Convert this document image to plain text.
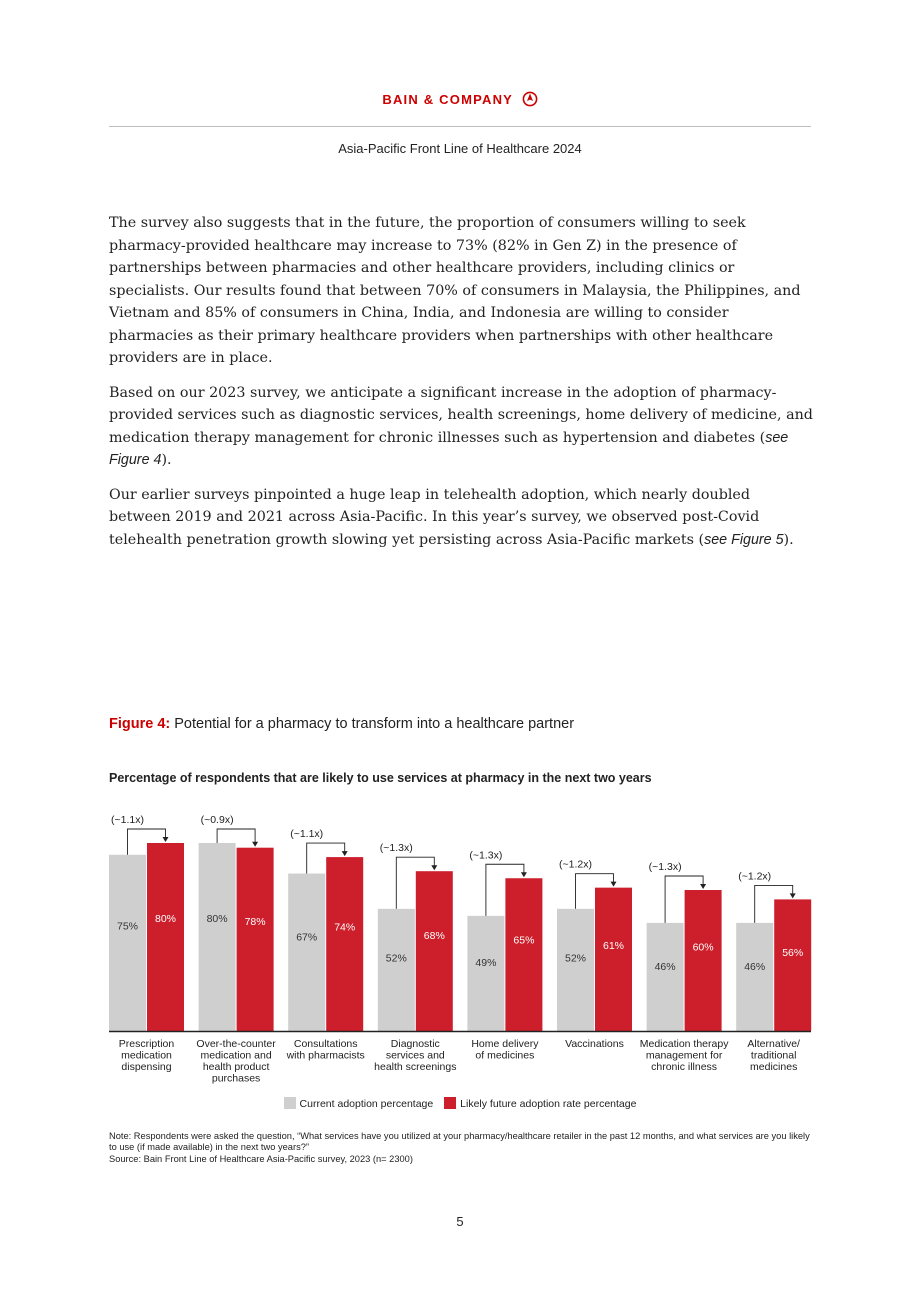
BAIN & COMPANY
Asia-Pacific Front Line of Healthcare 2024

The survey also suggests that in the future, the proportion of consumers willing to seek pharmacy-provided healthcare may increase to 73% (82% in Gen Z) in the presence of partnerships between pharmacies and other healthcare providers, including clinics or specialists. Our results found that between 70% of consumers in Malaysia, the Philippines, and Vietnam and 85% of consumers in China, India, and Indonesia are willing to consider pharmacies as their primary healthcare providers when partnerships with other healthcare providers are in place.

Based on our 2023 survey, we anticipate a significant increase in the adoption of pharmacy-provided services such as diagnostic services, health screenings, home delivery of medicine, and medication therapy management for chronic illnesses such as hypertension and diabetes (see Figure 4).

Our earlier surveys pinpointed a huge leap in telehealth adoption, which nearly doubled between 2019 and 2021 across Asia-Pacific. In this year’s survey, we observed post-Covid telehealth penetration growth slowing yet persisting across Asia-Pacific markets (see Figure 5).

Figure 4: Potential for a pharmacy to transform into a healthcare partner
Percentage of respondents that are likely to use services at pharmacy in the next two years
75%
80%
(~1.1x)
Prescription
medication
dispensing
80% 78%
(~0.9x)
Over-the-counter
medication and
health product
purchases
67%
74%
(~1.1x)
Consultations
with pharmacists
52%
68%
(~1.3x)
Diagnostic
services and
health screenings
49%
65%
(~1.3x)
Home delivery
of medicines
52%
61%
(~1.2x)
Vaccinations
46%
60%
(~1.3x)
Medication therapy
management for
chronic illness
46%
56%
(~1.2x)
Alternative/
traditional
medicines
Current adoption percentage	Likely future adoption rate percentage
Note: Respondents were asked the question, “What services have you utilized at your pharmacy/healthcare retailer in the past 12 months, and what services are you likely to use (if made available) in the next two years?”
Source: Bain Front Line of Healthcare Asia-Pacific survey, 2023 (n= 2300)
5
